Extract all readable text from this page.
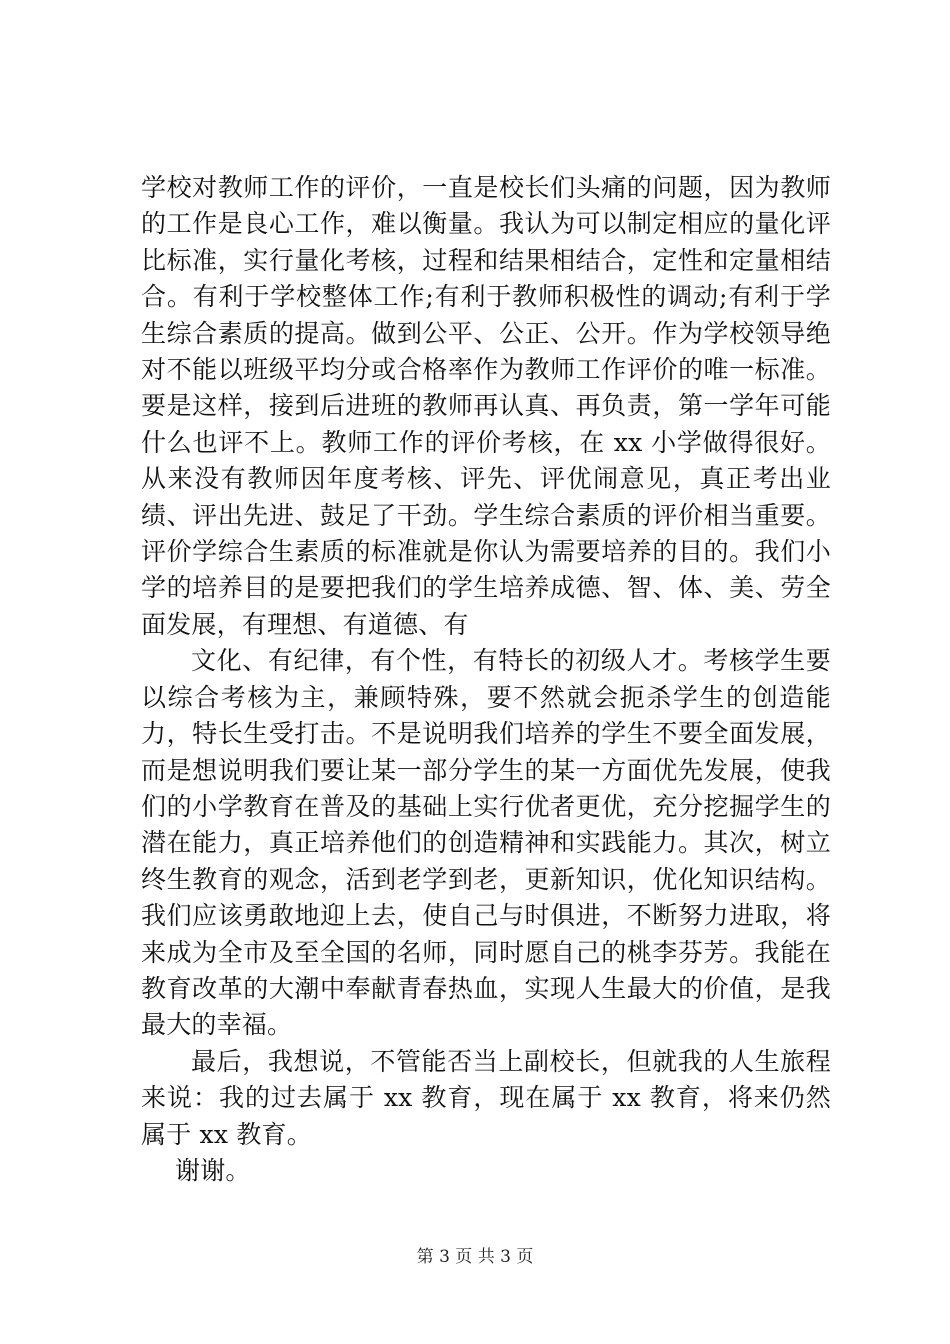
学校对教师工作的评价，一直是校长们头痛的问题，因为教师的工作是良心工作，难以衡量。我认为可以制定相应的量化评比标准，实行量化考核，过程和结果相结合，定性和定量相结合。有利于学校整体工作;有利于教师积极性的调动;有利于学生综合素质的提高。做到公平、公正、公开。作为学校领导绝对不能以班级平均分或合格率作为教师工作评价的唯一标准。要是这样，接到后进班的教师再认真、再负责，第一学年可能什么也评不上。教师工作的评价考核，在 xx 小学做得很好。从来没有教师因年度考核、评先、评优闹意见，真正考出业绩、评出先进、鼓足了干劲。学生综合素质的评价相当重要。评价学综合生素质的标准就是你认为需要培养的目的。我们小学的培养目的是要把我们的学生培养成德、智、体、美、劳全面发展，有理想、有道德、有

文化、有纪律，有个性，有特长的初级人才。考核学生要以综合考核为主，兼顾特殊，要不然就会扼杀学生的创造能力，特长生受打击。不是说明我们培养的学生不要全面发展，而是想说明我们要让某一部分学生的某一方面优先发展，使我们的小学教育在普及的基础上实行优者更优，充分挖掘学生的潜在能力，真正培养他们的创造精神和实践能力。其次，树立终生教育的观念，活到老学到老，更新知识，优化知识结构。我们应该勇敢地迎上去，使自己与时俱进，不断努力进取，将来成为全市及至全国的名师，同时愿自己的桃李芬芳。我能在教育改革的大潮中奉献青春热血，实现人生最大的价值，是我最大的幸福。

最后，我想说，不管能否当上副校长，但就我的人生旅程来说：我的过去属于 xx 教育，现在属于 xx 教育，将来仍然属于 xx 教育。

谢谢。

第 3 页 共 3 页
